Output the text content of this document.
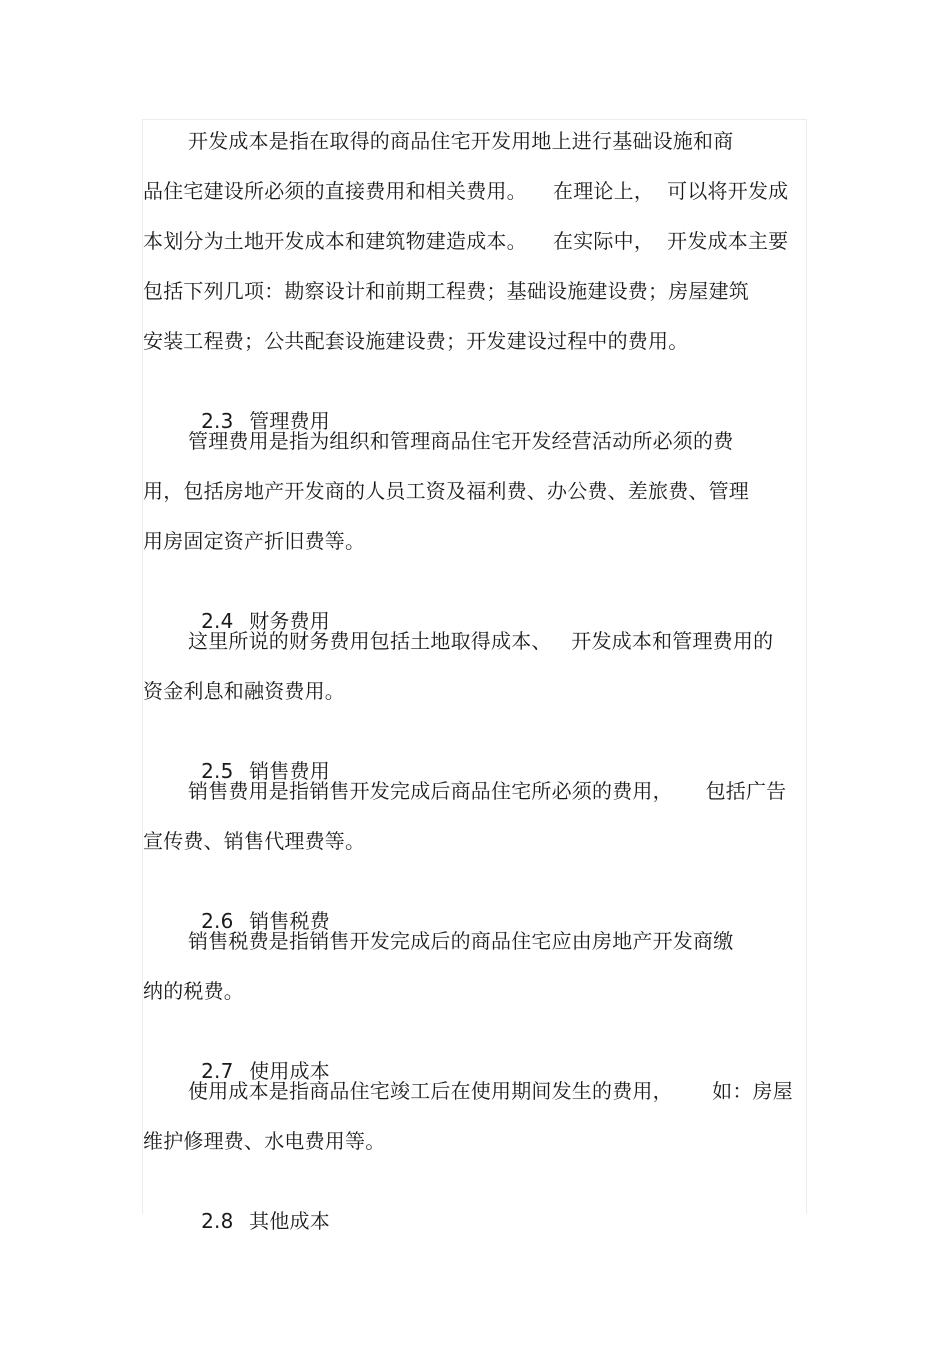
开发成本是指在取得的商品住宅开发用地上进行基础设施和商
品住宅建设所必须的直接费用和相关费用。    在理论上，  可以将开发成
本划分为土地开发成本和建筑物建造成本。    在实际中，  开发成本主要
包括下列几项：勘察设计和前期工程费；基础设施建设费；房屋建筑
安装工程费；公共配套设施建设费；开发建设过程中的费用。

2.3 管理费用

管理费用是指为组织和管理商品住宅开发经营活动所必须的费
用，包括房地产开发商的人员工资及福利费、办公费、差旅费、管理
用房固定资产折旧费等。

2.4 财务费用

这里所说的财务费用包括土地取得成本、   开发成本和管理费用的
资金利息和融资费用。

2.5 销售费用

销售费用是指销售开发完成后商品住宅所必须的费用，     包括广告
宣传费、销售代理费等。

2.6 销售税费

销售税费是指销售开发完成后的商品住宅应由房地产开发商缴
纳的税费。

2.7 使用成本

使用成本是指商品住宅竣工后在使用期间发生的费用，      如：房屋
维护修理费、水电费用等。

2.8 其他成本
